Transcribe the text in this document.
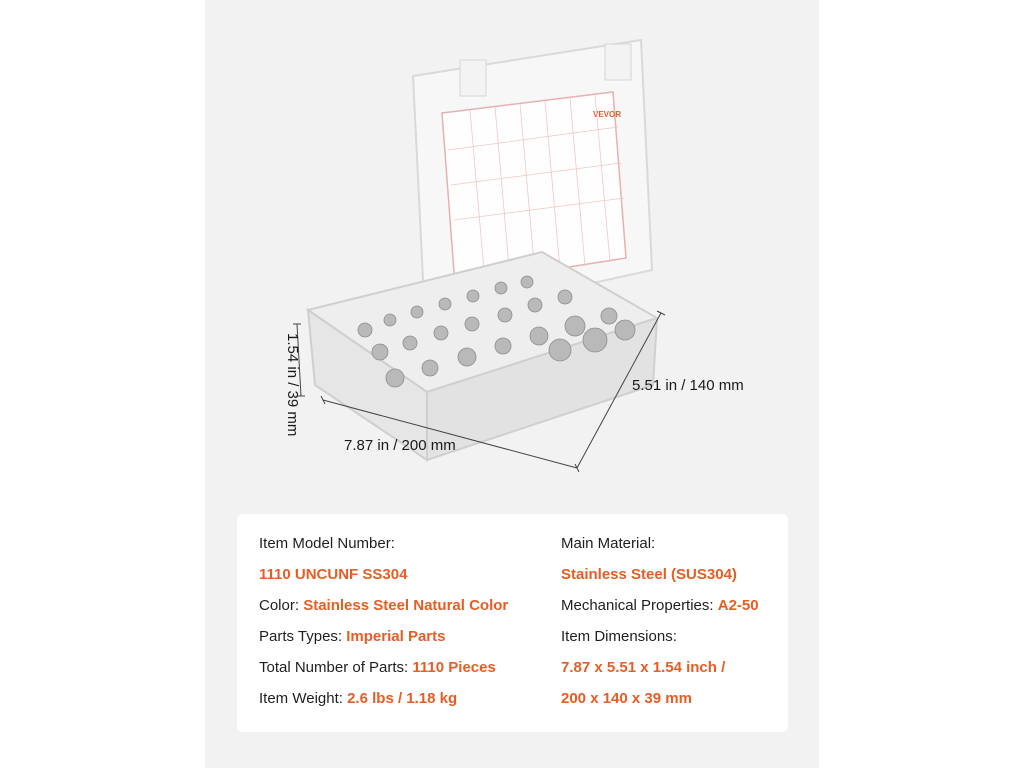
VEVOR
7.87 in / 200 mm
5.51 in / 140 mm
1.54 in / 39 mm
Item Model Number:
1110 UNCUNF SS304
Color: Stainless Steel Natural Color
Parts Types: Imperial Parts
Total Number of Parts: 1110 Pieces
Item Weight: 2.6 lbs / 1.18 kg
Main Material:
Stainless Steel (SUS304)
Mechanical Properties: A2-50
Item Dimensions:
7.87 x 5.51 x 1.54 inch /
200 x 140 x 39 mm
